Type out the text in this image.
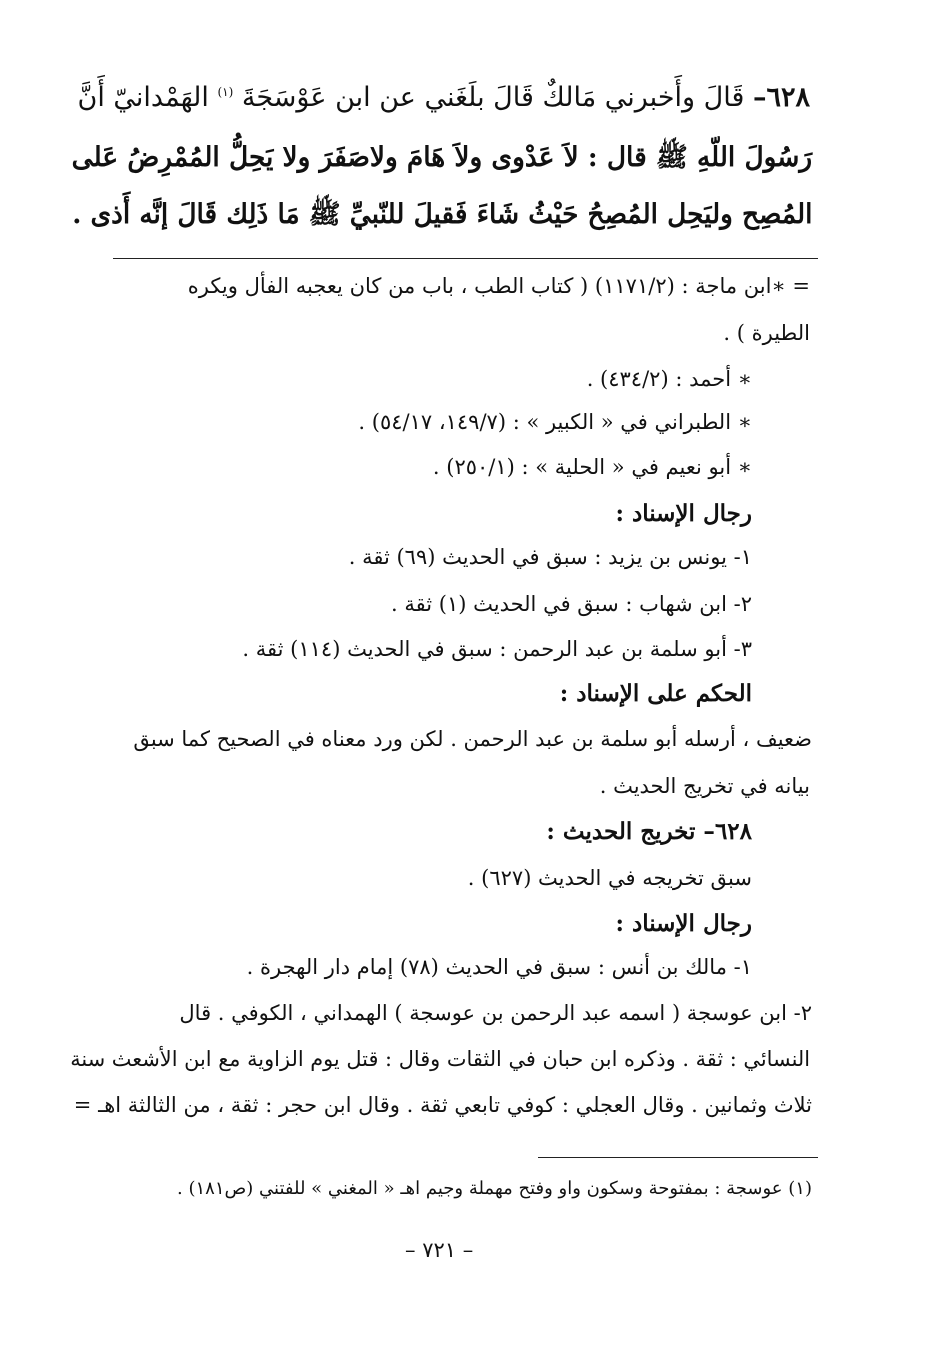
٦٢٨– قَالَ وأَخبرني مَالكٌ قَالَ بلَغَني عن ابن عَوْسَجَةَ $^{(١)}$ الهَمْدانيّ أَنَّ
رَسُولَ اللّهِ ﷺ قال : لاَ عَدْوى ولاَ هَامَ ولاصَفَرَ ولا يَحِلُّ المُمْرِضُ عَلى
المُصِح وليَحِل المُصِحُ حَيْثُ شَاءَ فَقيلَ للنّبيِّ ﷺ مَا ذَلِك قَالَ إنَّه أَذى .
= ∗ابن ماجة : (١١٧١/٢) ( كتاب الطب ، باب من كان يعجبه الفأل ويكره
الطيرة ) .
∗ أحمد : (٤٣٤/٢) .
∗ الطبراني في « الكبير » : (١٤٩/٧، ٥٤/١٧) .
∗ أبو نعيم في « الحلية » : (٢٥٠/١) .
رجال الإسناد :
١- يونس بن يزيد : سبق في الحديث (٦٩) ثقة .
٢- ابن شهاب : سبق في الحديث (١) ثقة .
٣- أبو سلمة بن عبد الرحمن : سبق في الحديث (١١٤) ثقة .
الحكم على الإسناد :
ضعيف ، أرسله أبو سلمة بن عبد الرحمن . لكن ورد معناه في الصحيح كما سبق
بيانه في تخريج الحديث .
٦٢٨– تخريج الحديث :
سبق تخريجه في الحديث (٦٢٧) .
رجال الإسناد :
١- مالك بن أنس : سبق في الحديث (٧٨) إمام دار الهجرة .
٢- ابن عوسجة ( اسمه عبد الرحمن بن عوسجة ) الهمداني ، الكوفي . قال
النسائي : ثقة . وذكره ابن حبان في الثقات وقال : قتل يوم الزاوية مع ابن الأشعث سنة
ثلاث وثمانين . وقال العجلي : كوفي تابعي ثقة . وقال ابن حجر : ثقة ، من الثالثة اهـ =
(١) عوسجة : بمفتوحة وسكون واو وفتح مهملة وجيم اهـ « المغني » للفتني (ص١٨١) .
– ٧٢١ –
